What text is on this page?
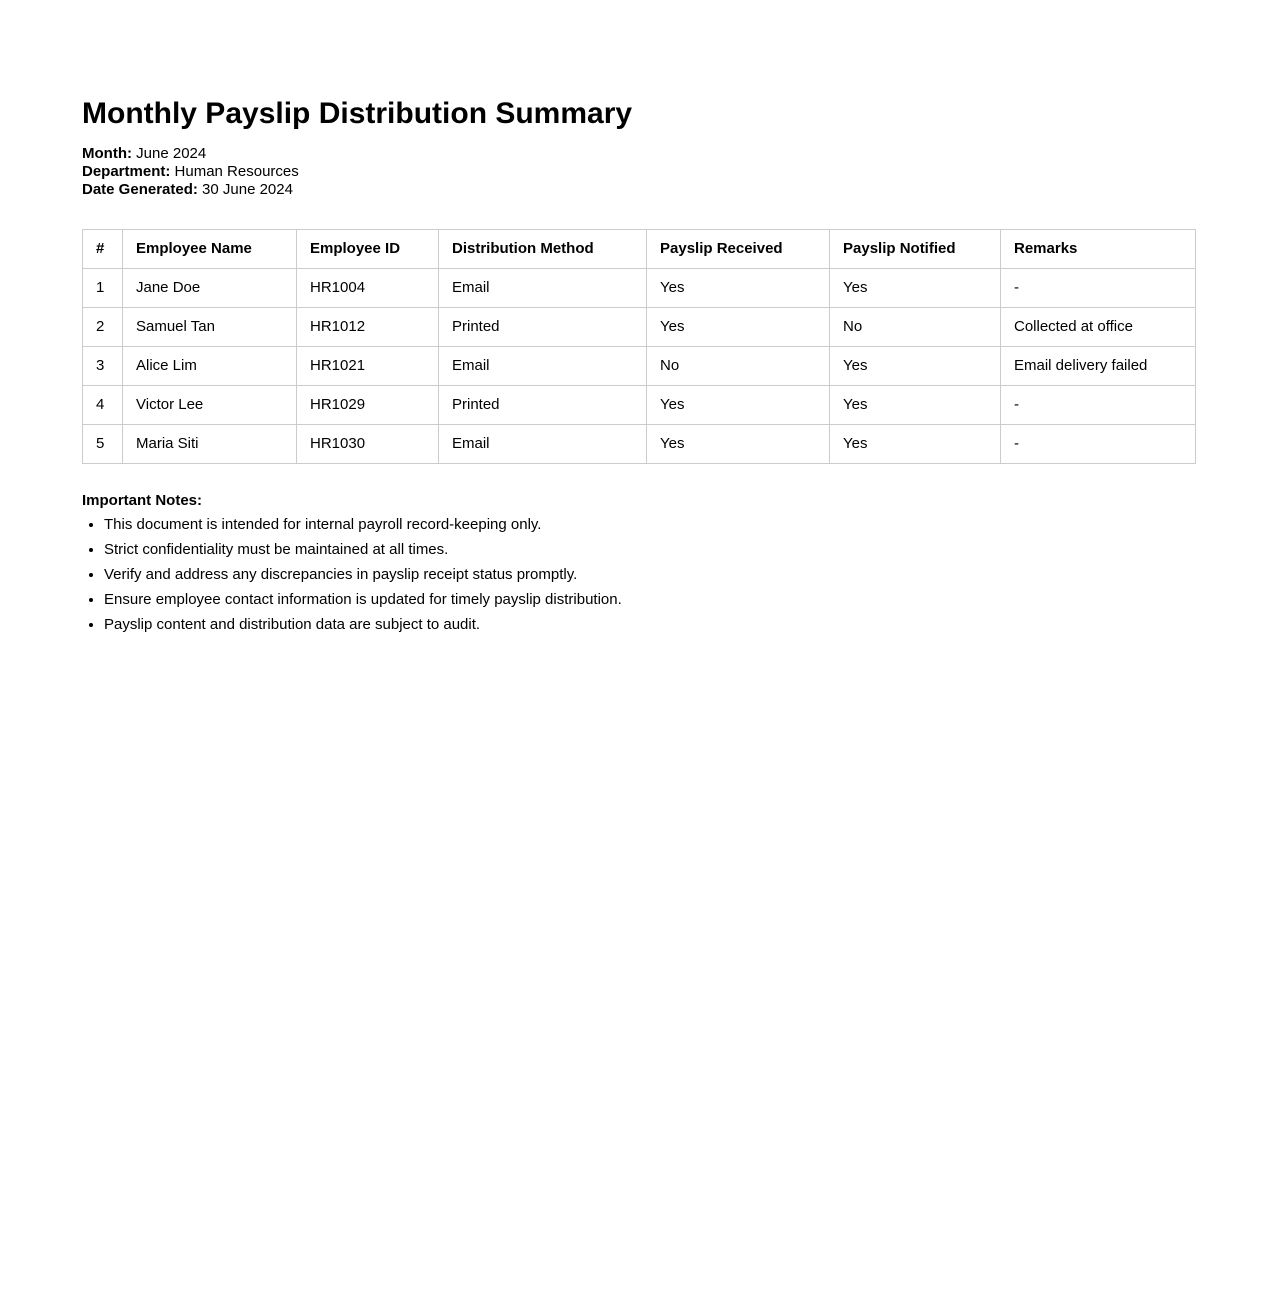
Monthly Payslip Distribution Summary
Month: June 2024
Department: Human Resources
Date Generated: 30 June 2024
#	Employee Name	Employee ID	Distribution Method	Payslip Received	Payslip Notified	Remarks
1	Jane Doe	HR1004	Email	Yes	Yes	-
2	Samuel Tan	HR1012	Printed	Yes	No	Collected at office
3	Alice Lim	HR1021	Email	No	Yes	Email delivery failed
4	Victor Lee	HR1029	Printed	Yes	Yes	-
5	Maria Siti	HR1030	Email	Yes	Yes	-

Important Notes:

• This document is intended for internal payroll record-keeping only.
• Strict confidentiality must be maintained at all times.
• Verify and address any discrepancies in payslip receipt status promptly.
• Ensure employee contact information is updated for timely payslip distribution.
• Payslip content and distribution data are subject to audit.
